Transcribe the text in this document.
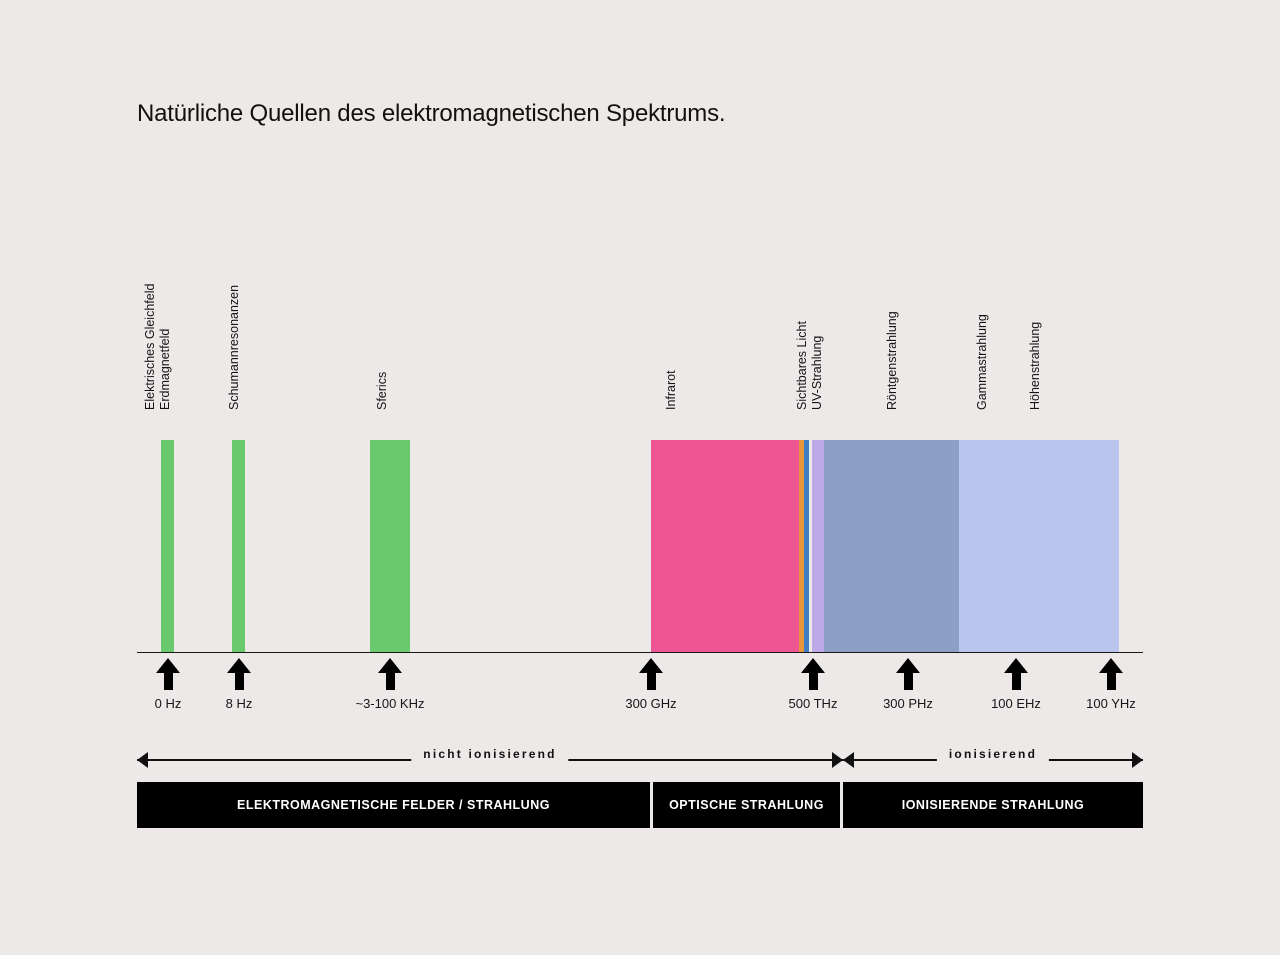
Natürliche Quellen des elektromagnetischen Spektrums.
Elektrisches Gleichfeld Erdmagnetfeld	Schumannresonanzen	Sferics	Infrarot	Sichtbares Licht UV-Strahlung	Röntgenstrahlung	Gammastrahlung	Höhenstrahlung
0 Hz	8 Hz	~3-100 KHz	300 GHz	500 THz	300 PHz	100 EHz	100 YHz
nicht ionisierend	ionisierend
ELEKTROMAGNETISCHE FELDER / STRAHLUNG	OPTISCHE STRAHLUNG	IONISIERENDE STRAHLUNG
